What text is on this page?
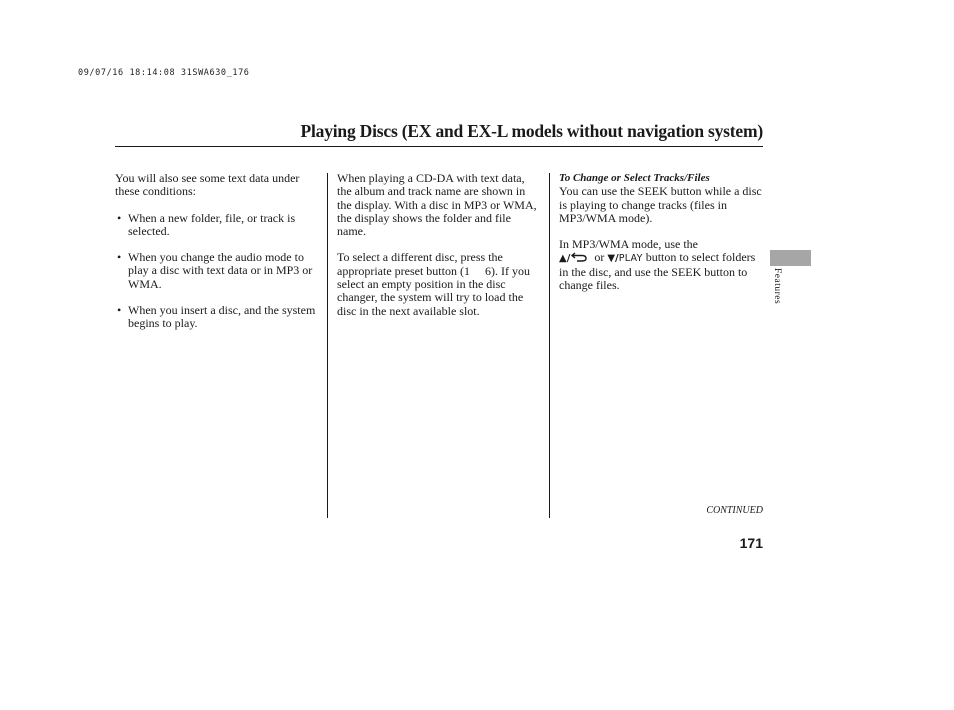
09/07/16 18:14:08 31SWA630_176
Playing Discs (EX and EX-L models without navigation system)

You will also see some text data under these conditions:

• When a new folder, file, or track is selected.
• When you change the audio mode to play a disc with text data or in MP3 or WMA.
• When you insert a disc, and the system begins to play.

When playing a CD-DA with text data, the album and track name are shown in the display. With a disc in MP3 or WMA, the display shows the folder and file name.

To select a different disc, press the appropriate preset button (1     6). If you select an empty position in the disc changer, the system will try to load the disc in the next available slot.

To Change or Select Tracks/Files

You can use the SEEK button while a disc is playing to change tracks (files in MP3/WMA mode).

In MP3/WMA mode, use the
▲/ or ▼/PLAY button to select folders in the disc, and use the SEEK button to change files.

CONTINUED
171
Features
